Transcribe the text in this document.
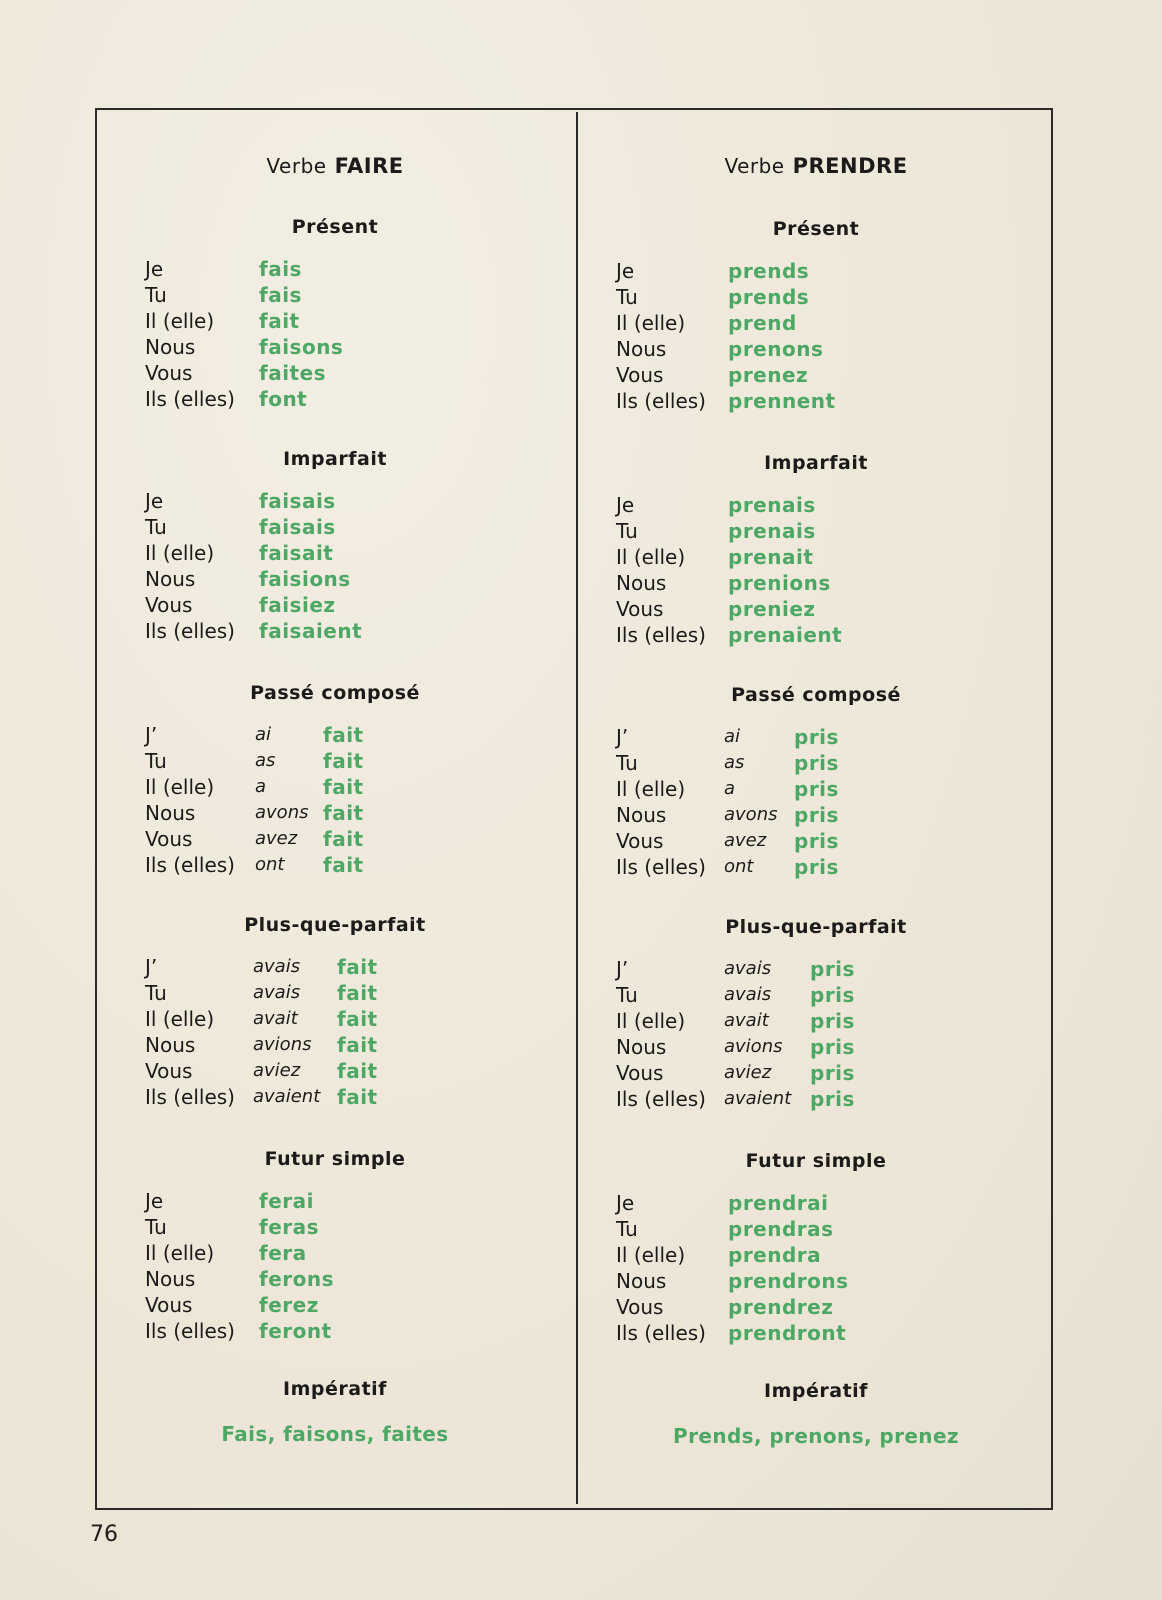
Verbe FAIRE
Présent
Je	fais
Tu	fais
Il (elle) fait
Nous	faisons
Vous	faites
Ils (elles) font
Imparfait
Je	faisais
Tu	faisais
Il (elle) faisait
Nous	faisions
Vous	faisiez
Ils (elles) faisaient
Passé composé
J’	ai	fait
Tu	as fait
Il (elle) a	fait
Nous	avons fait
Vous	avez fait
Ils (elles) ont fait
Plus-que-parfait
J’	avais fait
Tu	avais fait
Il (elle) avait fait
Nous	avions fait
Vous	aviez fait
Ils (elles) avaient fait
Futur simple
Je	ferai
Tu	feras
Il (elle) fera
Nous	ferons
Vous	ferez
Ils (elles) feront
Impératif
Fais, faisons, faites
Verbe PRENDRE
Présent
Je	prends
Tu	prends
Il (elle) prend
Nous	prenons
Vous	prenez
Ils (elles) prennent
Imparfait
Je	prenais
Tu	prenais
Il (elle) prenait
Nous	prenions
Vous	preniez
Ils (elles) prenaient
Passé composé
J’	ai	pris
Tu	as pris
Il (elle) a	pris
Nous	avons pris
Vous	avez pris
Ils (elles) ont pris
Plus-que-parfait
J’	avais pris
Tu	avais pris
Il (elle) avait pris
Nous	avions pris
Vous	aviez pris
Ils (elles) avaient pris
Futur simple
Je	prendrai
Tu	prendras
Il (elle) prendra
Nous	prendrons
Vous	prendrez
Ils (elles) prendront
Impératif
Prends, prenons, prenez
76
